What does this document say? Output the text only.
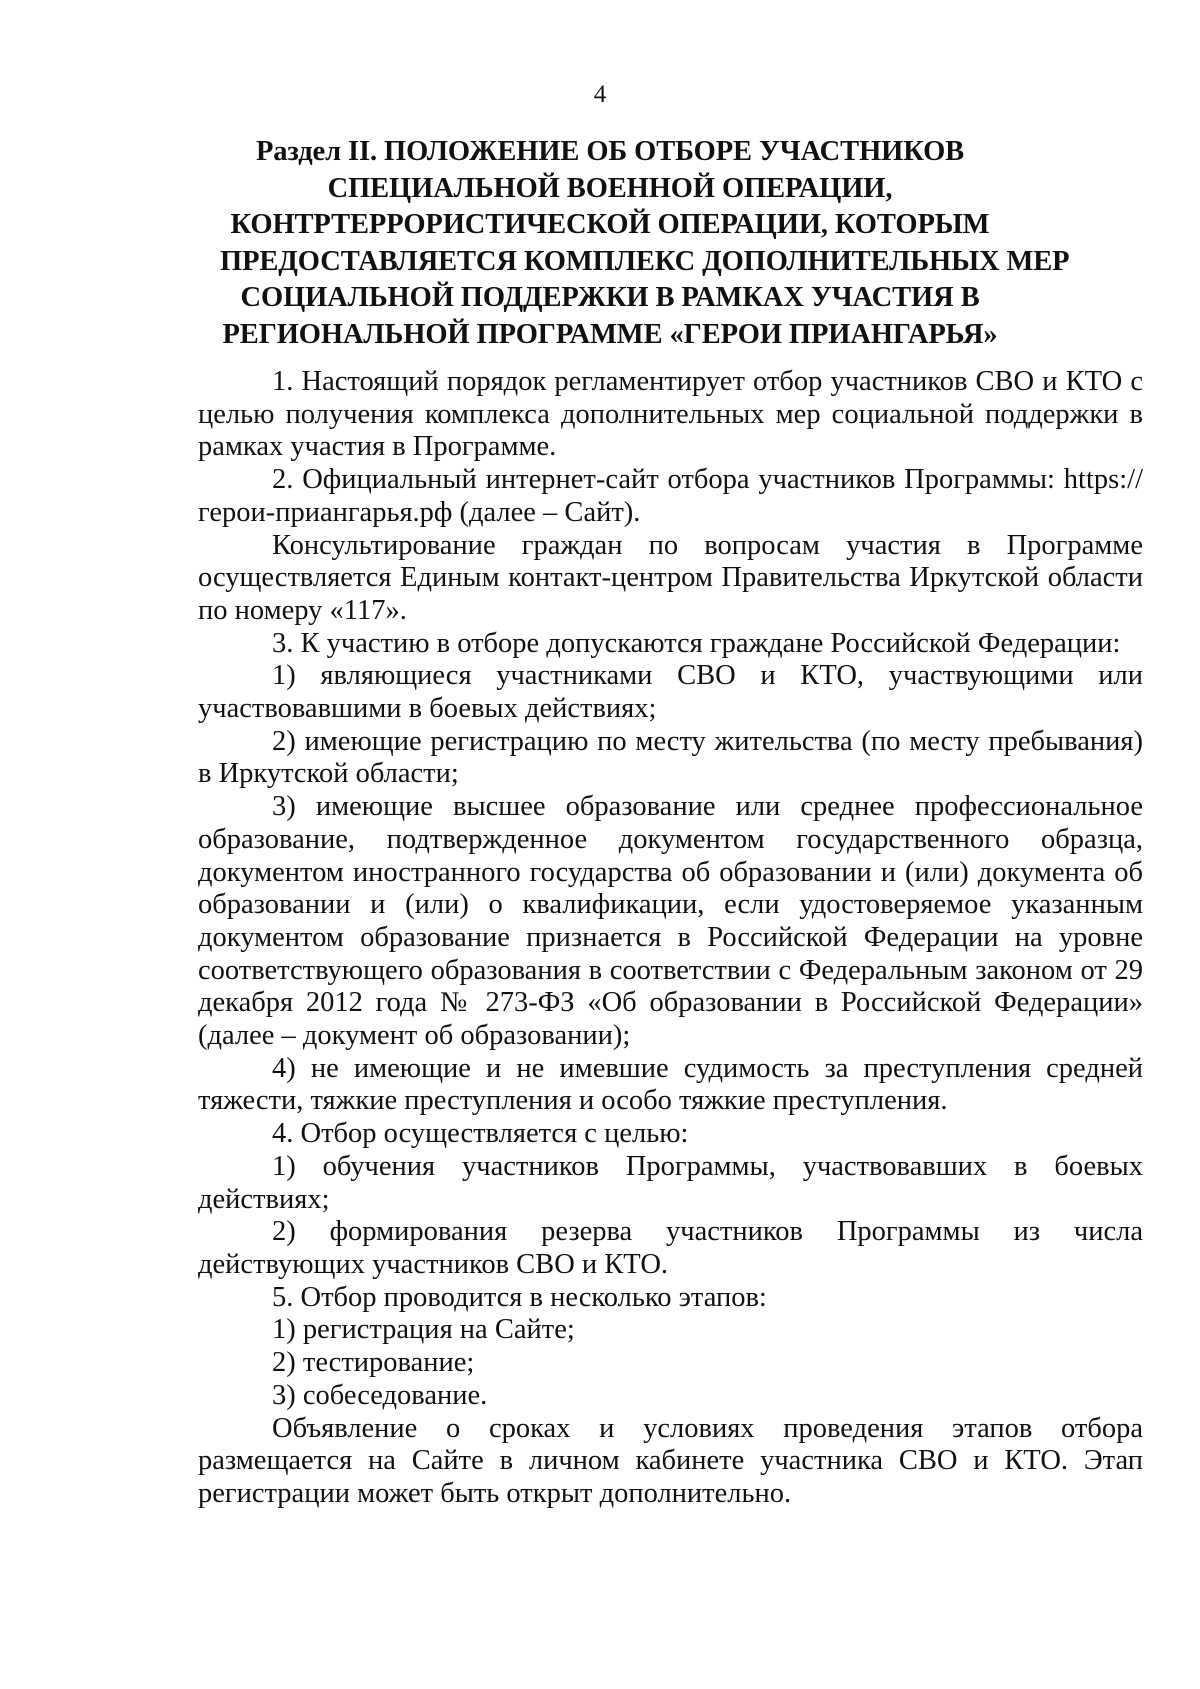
4
Раздел II. ПОЛОЖЕНИЕ ОБ ОТБОРЕ УЧАСТНИКОВ
СПЕЦИАЛЬНОЙ ВОЕННОЙ ОПЕРАЦИИ,
КОНТРТЕРРОРИСТИЧЕСКОЙ ОПЕРАЦИИ, КОТОРЫМ
ПРЕДОСТАВЛЯЕТСЯ КОМПЛЕКС ДОПОЛНИТЕЛЬНЫХ МЕР
СОЦИАЛЬНОЙ ПОДДЕРЖКИ В РАМКАХ УЧАСТИЯ В
РЕГИОНАЛЬНОЙ ПРОГРАММЕ «ГЕРОИ ПРИАНГАРЬЯ»

1. Настоящий порядок регламентирует отбор участников СВО и КТО с целью получения комплекса дополнительных мер социальной поддержки в рамках участия в Программе.

2. Официальный интернет-сайт отбора участников Программы: https://герои-приангарья.рф (далее – Сайт).

Консультирование граждан по вопросам участия в Программе осуществляется Единым контакт-центром Правительства Иркутской области по номеру «117».

3. К участию в отборе допускаются граждане Российской Федерации:

1) являющиеся участниками СВО и КТО, участвующими или участвовавшими в боевых действиях;

2) имеющие регистрацию по месту жительства (по месту пребывания) в Иркутской области;

3) имеющие высшее образование или среднее профессиональное образование, подтвержденное документом государственного образца, документом иностранного государства об образовании и (или) документа об образовании и (или) о квалификации, если удостоверяемое указанным документом образование признается в Российской Федерации на уровне соответствующего образования в соответствии с Федеральным законом от 29 декабря 2012 года № 273-ФЗ «Об образовании в Российской Федерации» (далее – документ об образовании);

4) не имеющие и не имевшие судимость за преступления средней тяжести, тяжкие преступления и особо тяжкие преступления.

4. Отбор осуществляется с целью:

1) обучения участников Программы, участвовавших в боевых действиях;

2) формирования резерва участников Программы из числа действующих участников СВО и КТО.

5. Отбор проводится в несколько этапов:

1) регистрация на Сайте;

2) тестирование;

3) собеседование.

Объявление о сроках и условиях проведения этапов отбора размещается на Сайте в личном кабинете участника СВО и КТО. Этап регистрации может быть открыт дополнительно.
